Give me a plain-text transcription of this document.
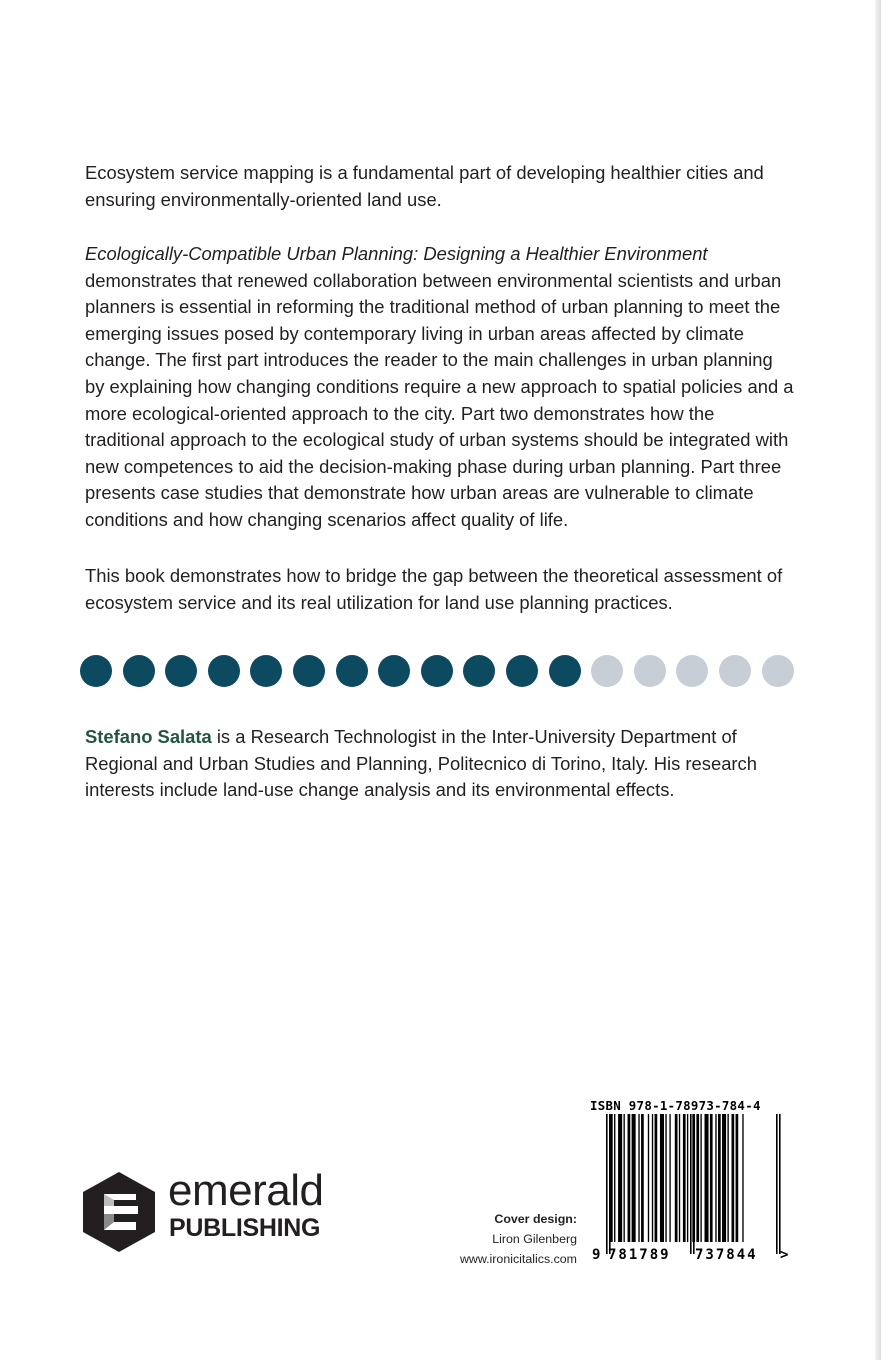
Ecosystem service mapping is a fundamental part of developing healthier cities and ensuring environmentally-oriented land use.

Ecologically-Compatible Urban Planning: Designing a Healthier Environment
demonstrates that renewed collaboration between environmental scientists and urban planners is essential in reforming the traditional method of urban planning to meet the emerging issues posed by contemporary living in urban areas affected by climate change. The first part introduces the reader to the main challenges in urban planning by explaining how changing conditions require a new approach to spatial policies and a more ecological-oriented approach to the city. Part two demonstrates how the traditional approach to the ecological study of urban systems should be integrated with new competences to aid the decision-making phase during urban planning. Part three presents case studies that demonstrate how urban areas are vulnerable to climate conditions and how changing scenarios affect quality of life.

This book demonstrates how to bridge the gap between the theoretical assessment of ecosystem service and its real utilization for land use planning practices.

Stefano Salata is a Research Technologist in the Inter-University Department of Regional and Urban Studies and Planning, Politecnico di Torino, Italy. His research interests include land-use change analysis and its environmental effects.

emerald
PUBLISHING	Cover design:
Liron Gilenberg
www.ironicitalics.com
ISBN 978-1-78973-784-4
9 781789 737844 >
